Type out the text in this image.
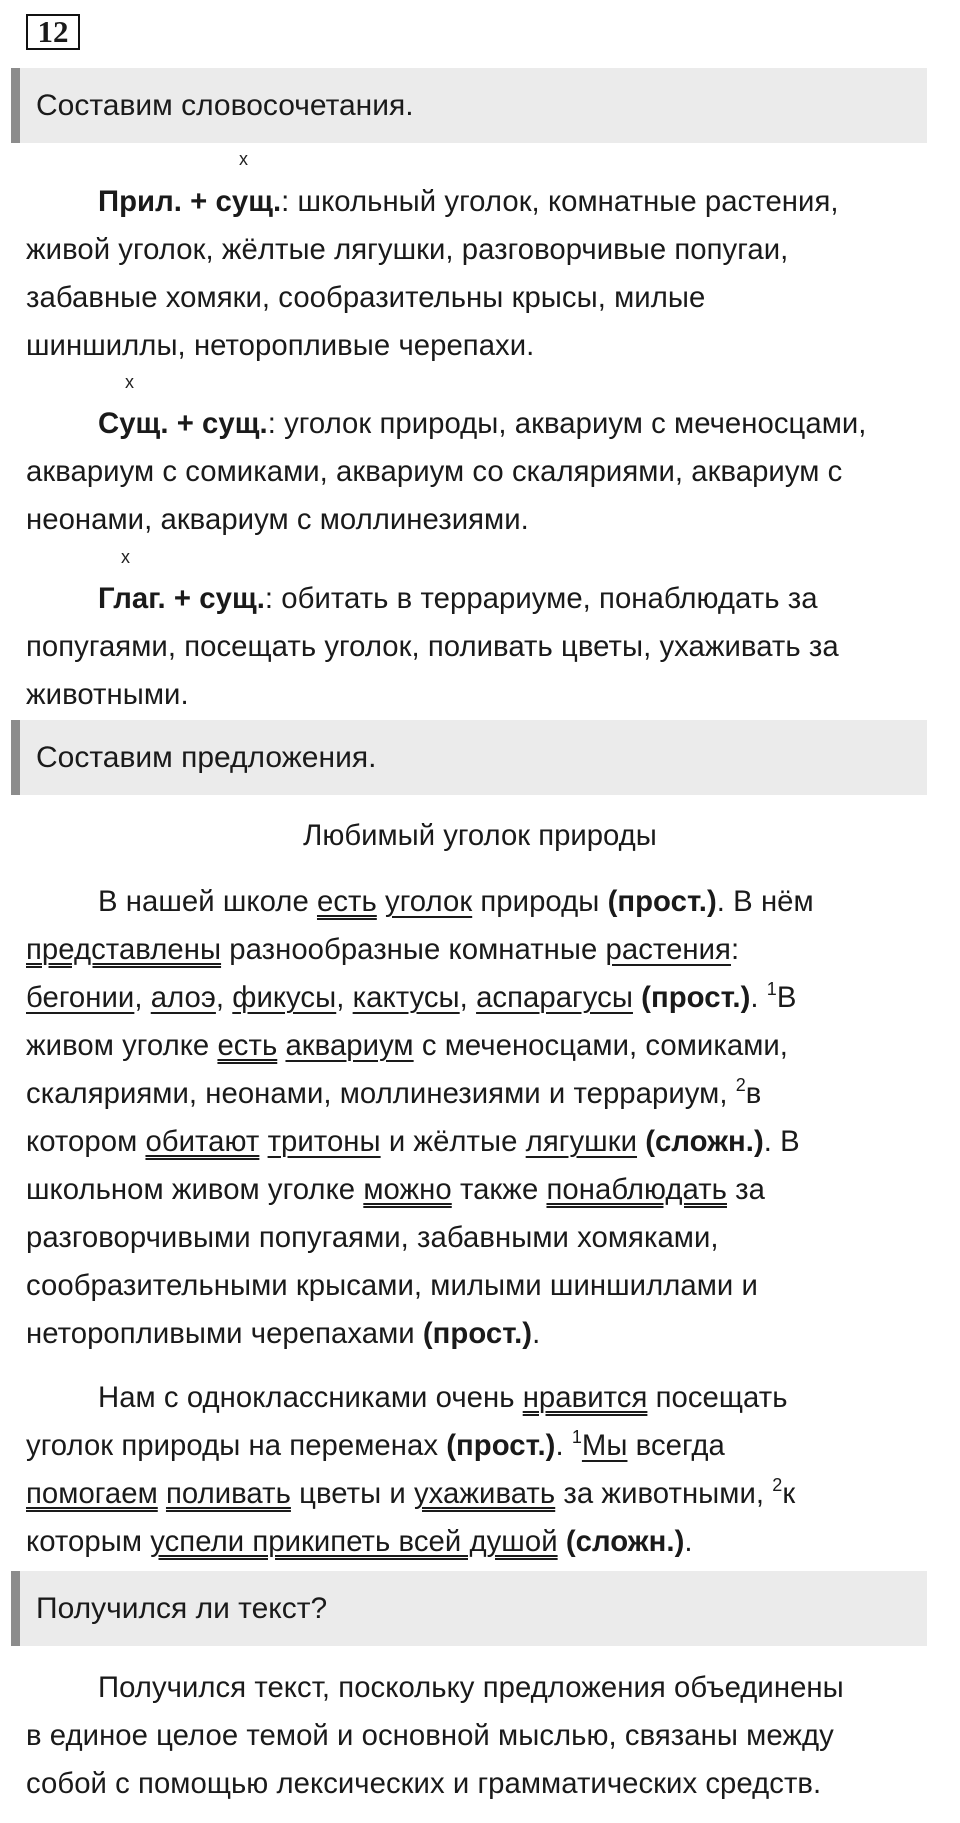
12
Составим словосочетания.
х
Прил. + сущ.: школьный уголок, комнатные растения,
живой уголок, жёлтые лягушки, разговорчивые попугаи,
забавные хомяки, сообразительны крысы, милые
шиншиллы, неторопливые черепахи.
х
Сущ. + сущ.: уголок природы, аквариум с меченосцами,
аквариум с сомиками, аквариум со скаляриями, аквариум с
неонами, аквариум с моллинезиями.
х
Глаг. + сущ.: обитать в террариуме, понаблюдать за
попугаями, посещать уголок, поливать цветы, ухаживать за
животными.
Составим предложения.
Любимый уголок природы
В нашей школе есть уголок природы (прост.). В нём
представлены разнообразные комнатные растения:
бегонии, алоэ, фикусы, кактусы, аспарагусы (прост.). $^1$В
живом уголке есть аквариум с меченосцами, сомиками,
скаляриями, неонами, моллинезиями и террариум, $^2$в
котором обитают тритоны и жёлтые лягушки (сложн.). В
школьном живом уголке можно также понаблюдать за
разговорчивыми попугаями, забавными хомяками,
сообразительными крысами, милыми шиншиллами и
неторопливыми черепахами (прост.).
Нам с одноклассниками очень нравится посещать
уголок природы на переменах (прост.). $^1$Мы всегда
помогаем поливать цветы и ухаживать за животными, $^2$к
которым успели прикипеть всей душой (сложн.).
Получился ли текст?
Получился текст, поскольку предложения объединены
в единое целое темой и основной мыслью, связаны между
собой с помощью лексических и грамматических средств.
